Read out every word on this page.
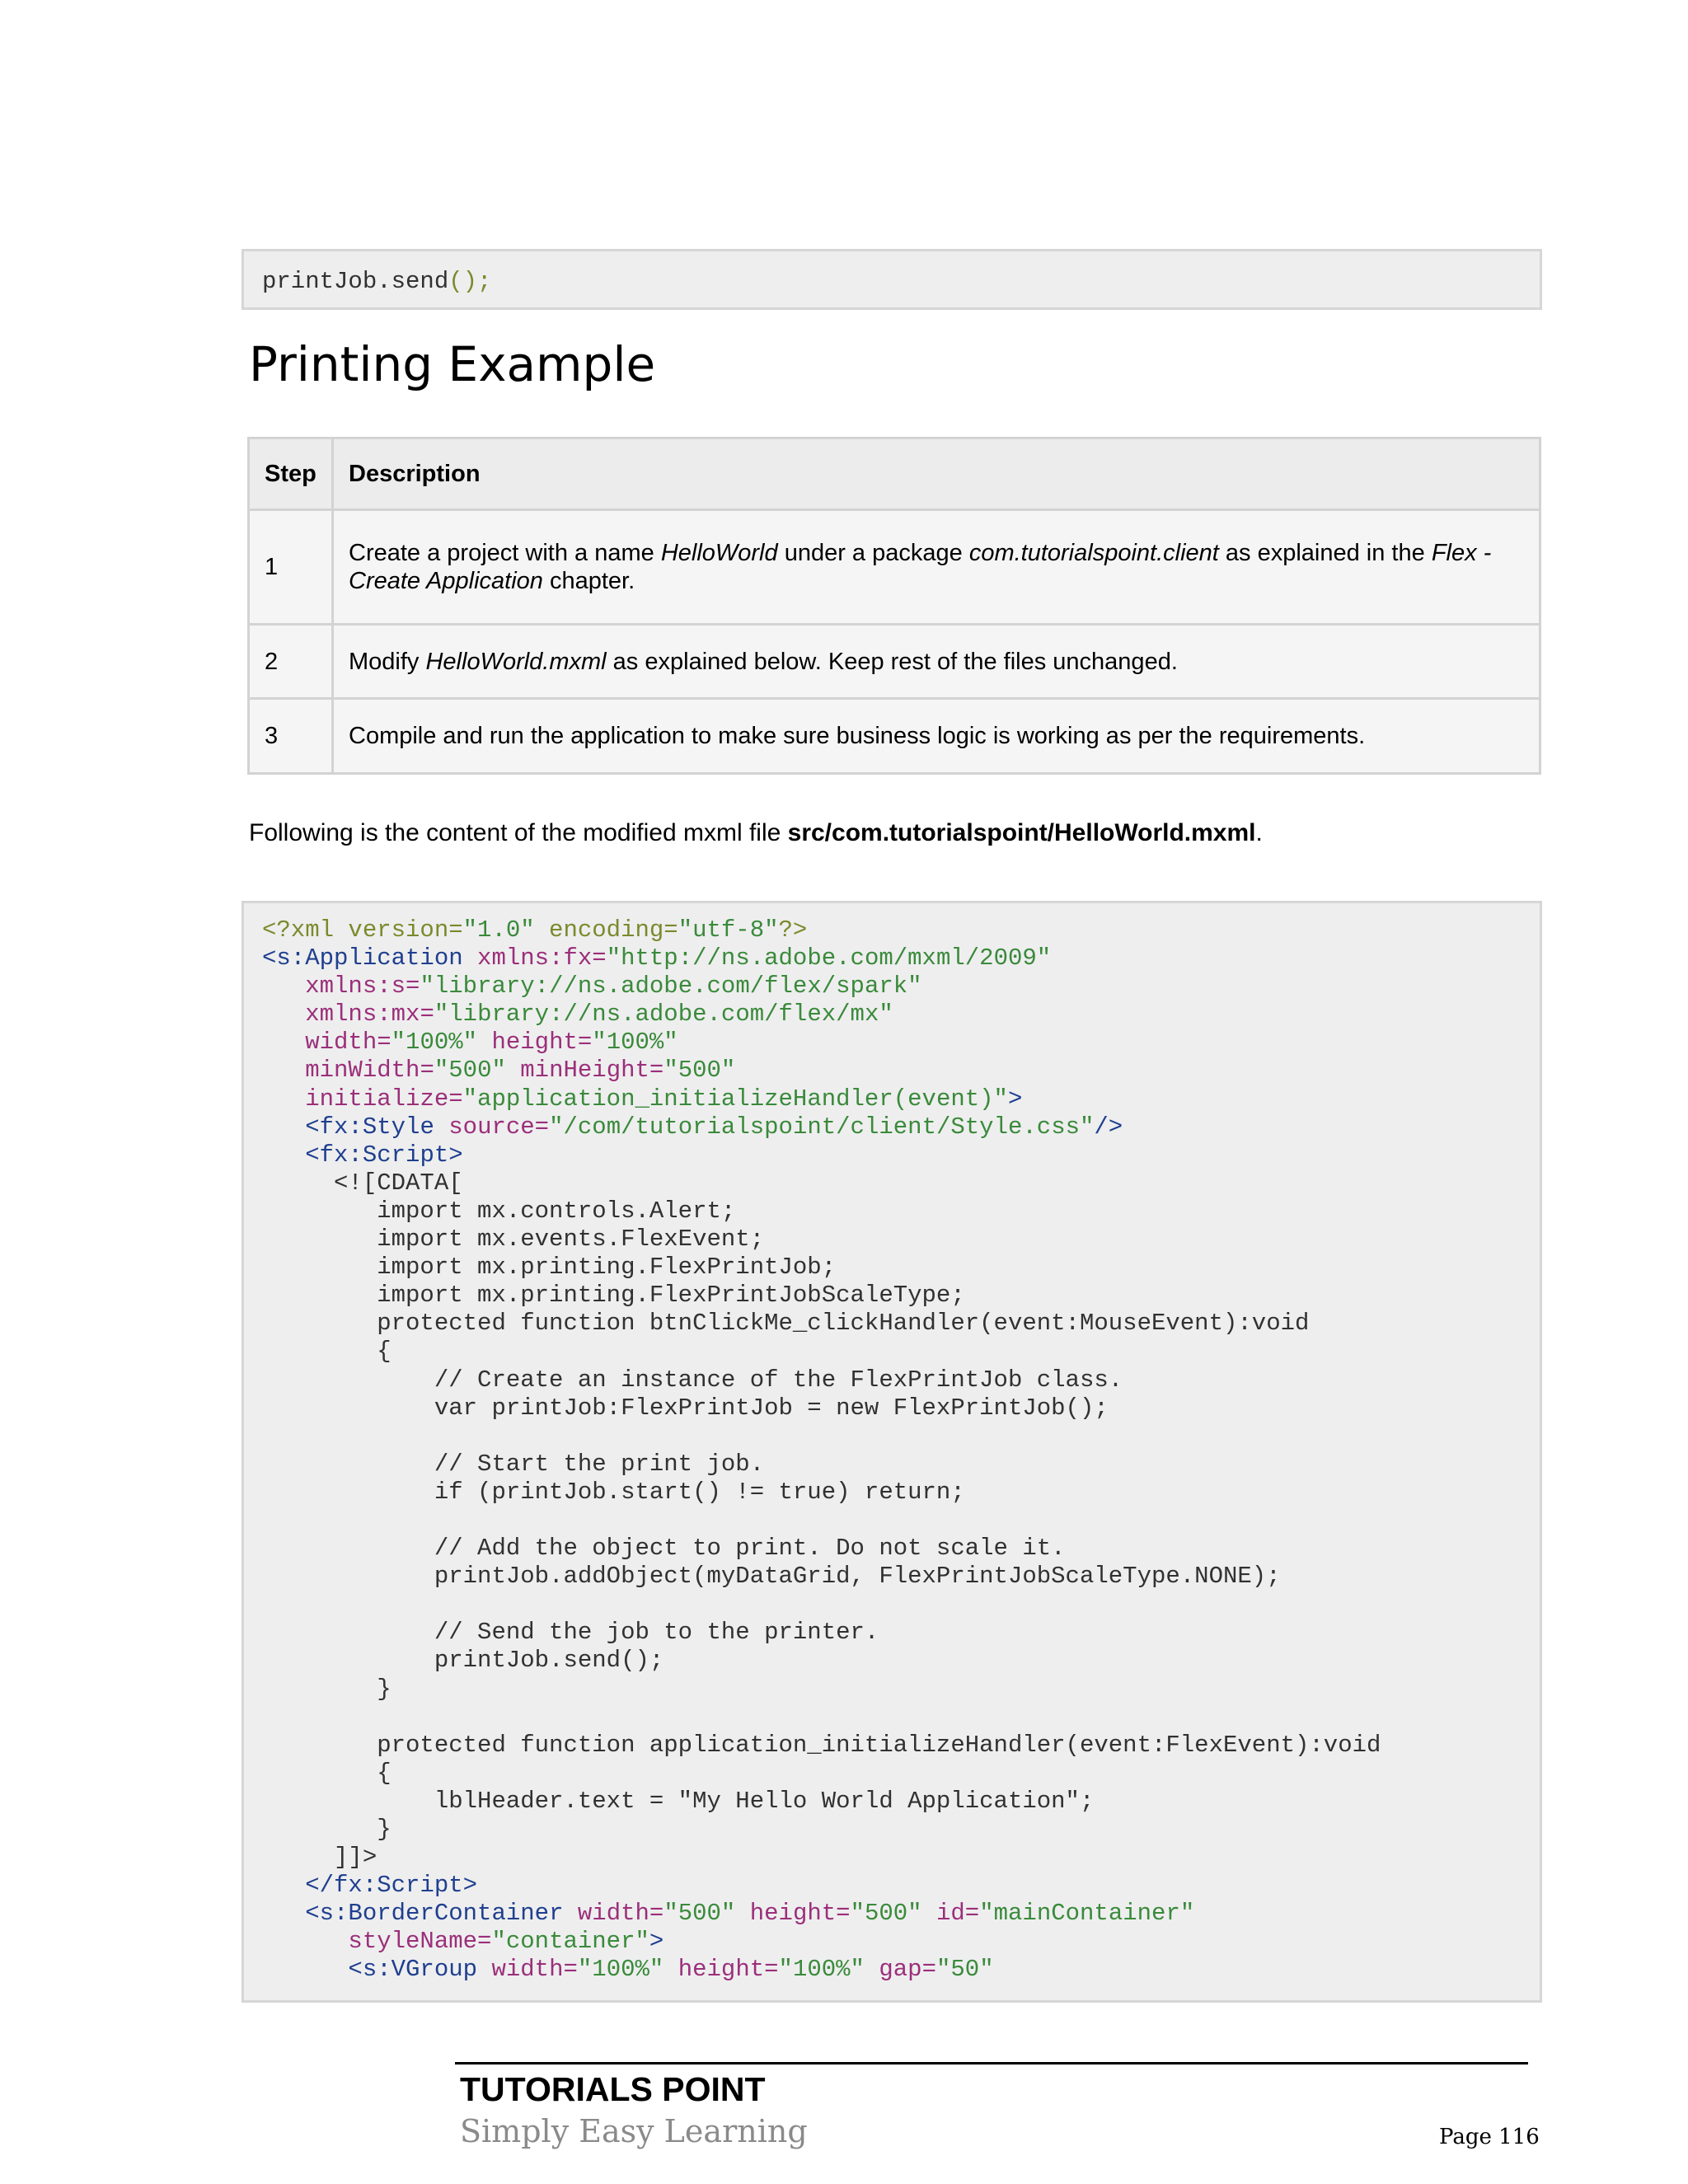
printJob.send();
Printing Example
Step	Description
1	Create a project with a name HelloWorld under a package com.tutorialspoint.client as explained in the Flex - Create Application chapter.
2	Modify HelloWorld.mxml as explained below. Keep rest of the files unchanged.
3	Compile and run the application to make sure business logic is working as per the requirements.

Following is the content of the modified mxml file src/com.tutorialspoint/HelloWorld.mxml.

<?xml version="1.0" encoding="utf-8"?>
<s:Application xmlns:fx="http://ns.adobe.com/mxml/2009"
xmlns:s="library://ns.adobe.com/flex/spark"
xmlns:mx="library://ns.adobe.com/flex/mx"
width="100%" height="100%"
minWidth="500" minHeight="500"
initialize="application_initializeHandler(event)">
<fx:Style source="/com/tutorialspoint/client/Style.css"/>
<fx:Script>
<![CDATA[
import mx.controls.Alert;
import mx.events.FlexEvent;
import mx.printing.FlexPrintJob;
import mx.printing.FlexPrintJobScaleType;
protected function btnClickMe_clickHandler(event:MouseEvent):void
{
// Create an instance of the FlexPrintJob class.
var printJob:FlexPrintJob = new FlexPrintJob();

// Start the print job.
if (printJob.start() != true) return;

// Add the object to print. Do not scale it.
printJob.addObject(myDataGrid, FlexPrintJobScaleType.NONE);

// Send the job to the printer.
printJob.send();
}

protected function application_initializeHandler(event:FlexEvent):void
{
lblHeader.text = "My Hello World Application";
}
]]>
</fx:Script>
<s:BorderContainer width="500" height="500" id="mainContainer"
styleName="container">
<s:VGroup width="100%" height="100%" gap="50"

TUTORIALS POINT

Simply Easy Learning	Page 116
